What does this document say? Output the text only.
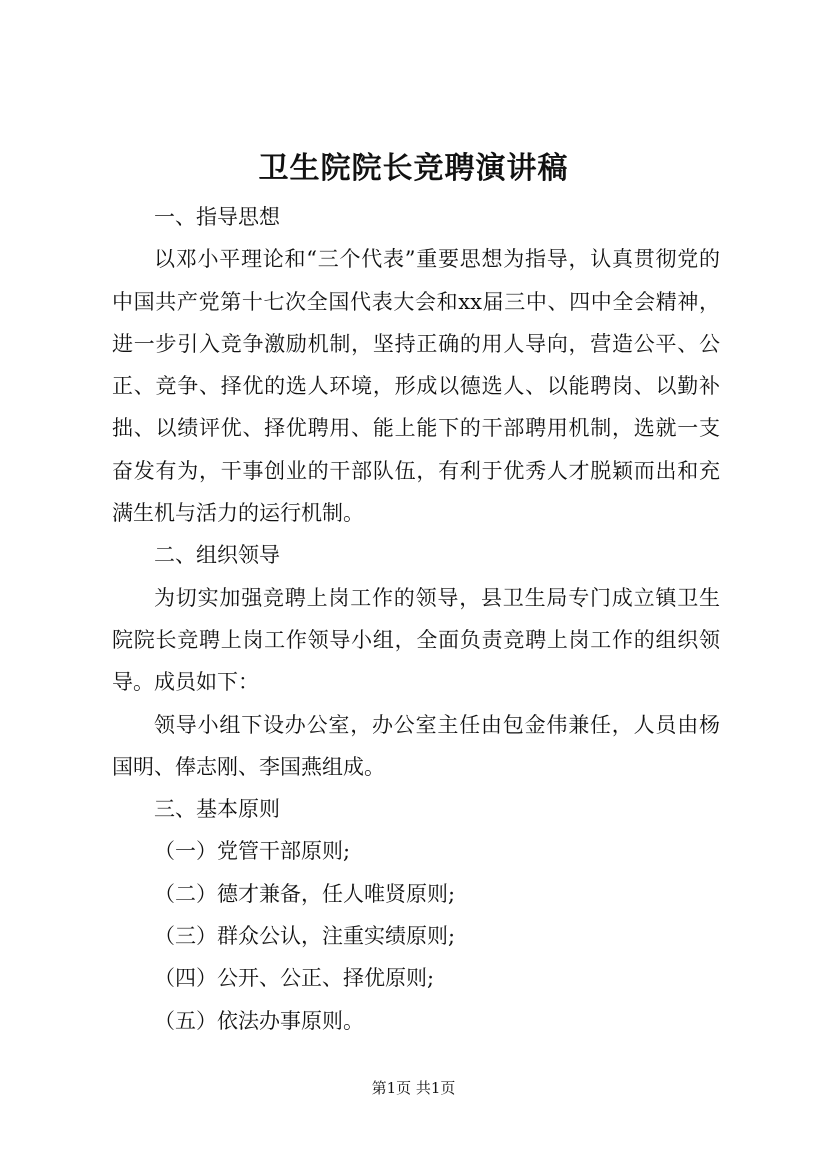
卫生院院长竞聘演讲稿

一、指导思想

以邓小平理论和“三个代表”重要思想为指导，认真贯彻党的中国共产党第十七次全国代表大会和xx届三中、四中全会精神，进一步引入竞争激励机制，坚持正确的用人导向，营造公平、公正、竞争、择优的选人环境，形成以德选人、以能聘岗、以勤补拙、以绩评优、择优聘用、能上能下的干部聘用机制，选就一支奋发有为，干事创业的干部队伍，有利于优秀人才脱颖而出和充满生机与活力的运行机制。

二、组织领导

为切实加强竞聘上岗工作的领导，县卫生局专门成立镇卫生院院长竞聘上岗工作领导小组，全面负责竞聘上岗工作的组织领导。成员如下：

领导小组下设办公室，办公室主任由包金伟兼任，人员由杨国明、俸志刚、李国燕组成。

三、基本原则

（一）党管干部原则;

（二）德才兼备，任人唯贤原则;

（三）群众公认，注重实绩原则;

（四）公开、公正、择优原则;

（五）依法办事原则。

第1页 共1页
